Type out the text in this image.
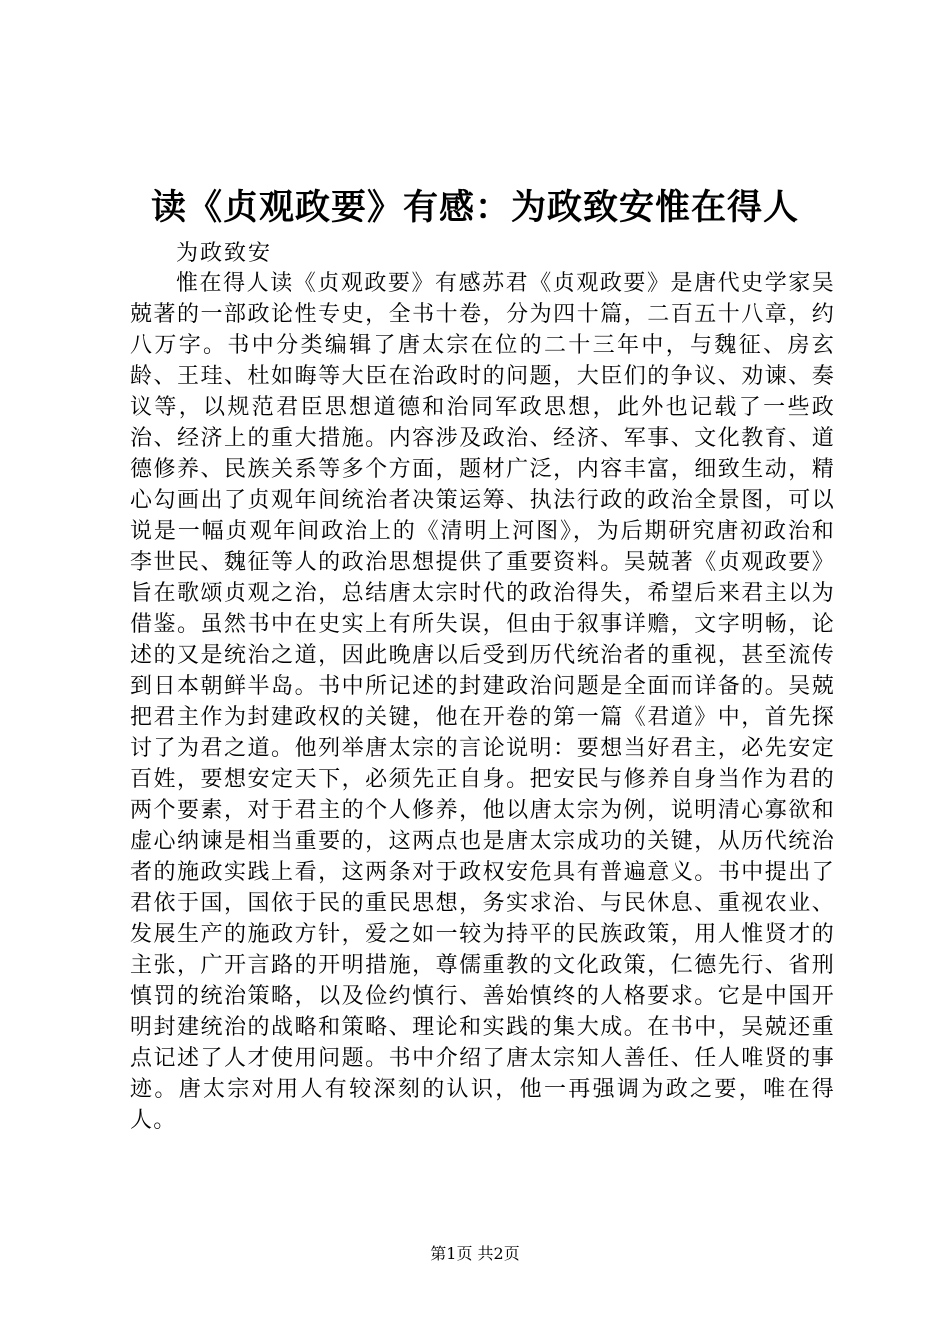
读《贞观政要》有感：为政致安惟在得人

为政致安

惟在得人读《贞观政要》有感苏君《贞观政要》是唐代史学家吴兢著的一部政论性专史，全书十卷，分为四十篇，二百五十八章，约八万字。书中分类编辑了唐太宗在位的二十三年中，与魏征、房玄龄、王珪、杜如晦等大臣在治政时的问题，大臣们的争议、劝谏、奏议等，以规范君臣思想道德和治同军政思想，此外也记载了一些政治、经济上的重大措施。内容涉及政治、经济、军事、文化教育、道德修养、民族关系等多个方面，题材广泛，内容丰富，细致生动，精心勾画出了贞观年间统治者决策运筹、执法行政的政治全景图，可以说是一幅贞观年间政治上的《清明上河图》，为后期研究唐初政治和李世民、魏征等人的政治思想提供了重要资料。吴兢著《贞观政要》旨在歌颂贞观之治，总结唐太宗时代的政治得失，希望后来君主以为借鉴。虽然书中在史实上有所失误，但由于叙事详赡，文字明畅，论述的又是统治之道，因此晚唐以后受到历代统治者的重视，甚至流传到日本朝鲜半岛。书中所记述的封建政治问题是全面而详备的。吴兢把君主作为封建政权的关键，他在开卷的第一篇《君道》中，首先探讨了为君之道。他列举唐太宗的言论说明：要想当好君主，必先安定百姓，要想安定天下，必须先正自身。把安民与修养自身当作为君的两个要素，对于君主的个人修养，他以唐太宗为例，说明清心寡欲和虚心纳谏是相当重要的，这两点也是唐太宗成功的关键，从历代统治者的施政实践上看，这两条对于政权安危具有普遍意义。书中提出了君依于国，国依于民的重民思想，务实求治、与民休息、重视农业、发展生产的施政方针，爱之如一较为持平的民族政策，用人惟贤才的主张，广开言路的开明措施，尊儒重教的文化政策，仁德先行、省刑慎罚的统治策略，以及俭约慎行、善始慎终的人格要求。它是中国开明封建统治的战略和策略、理论和实践的集大成。在书中，吴兢还重点记述了人才使用问题。书中介绍了唐太宗知人善任、任人唯贤的事迹。唐太宗对用人有较深刻的认识，他一再强调为政之要，唯在得人。

第1页 共2页
